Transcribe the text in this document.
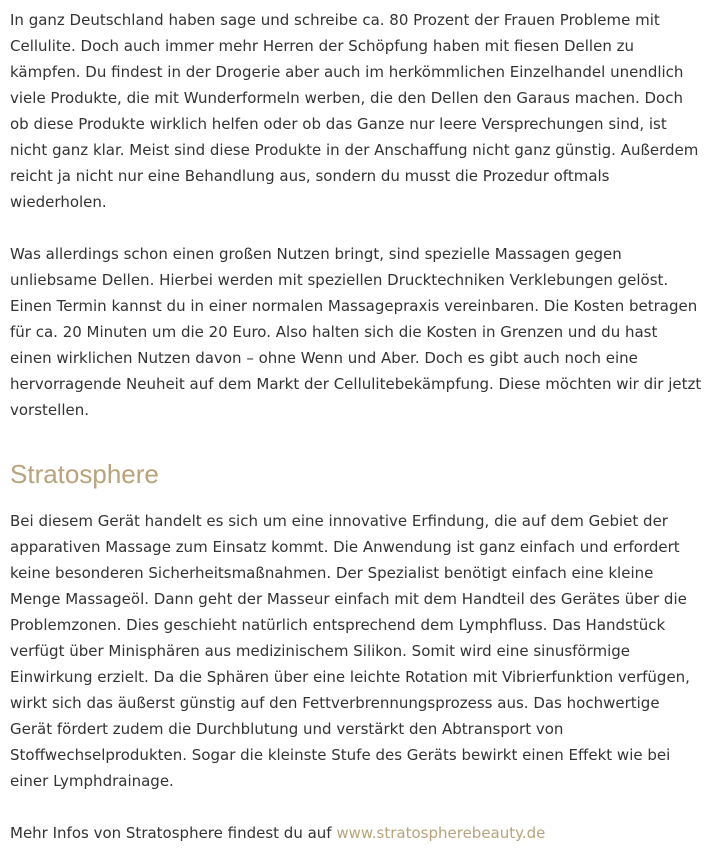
In ganz Deutschland haben sage und schreibe ca. 80 Prozent der Frauen Probleme mit Cellulite. Doch auch immer mehr Herren der Schöpfung haben mit fiesen Dellen zu kämpfen. Du findest in der Drogerie aber auch im herkömmlichen Einzelhandel unendlich viele Produkte, die mit Wunderformeln werben, die den Dellen den Garaus machen. Doch ob diese Produkte wirklich helfen oder ob das Ganze nur leere Versprechungen sind, ist nicht ganz klar. Meist sind diese Produkte in der Anschaffung nicht ganz günstig. Außerdem reicht ja nicht nur eine Behandlung aus, sondern du musst die Prozedur oftmals wiederholen.

Was allerdings schon einen großen Nutzen bringt, sind spezielle Massagen gegen unliebsame Dellen. Hierbei werden mit speziellen Drucktechniken Verklebungen gelöst. Einen Termin kannst du in einer normalen Massagepraxis vereinbaren. Die Kosten betragen für ca. 20 Minuten um die 20 Euro. Also halten sich die Kosten in Grenzen und du hast einen wirklichen Nutzen davon – ohne Wenn und Aber. Doch es gibt auch noch eine hervorragende Neuheit auf dem Markt der Cellulitebekämpfung. Diese möchten wir dir jetzt vorstellen.

Stratosphere

Bei diesem Gerät handelt es sich um eine innovative Erfindung, die auf dem Gebiet der apparativen Massage zum Einsatz kommt. Die Anwendung ist ganz einfach und erfordert keine besonderen Sicherheitsmaßnahmen. Der Spezialist benötigt einfach eine kleine Menge Massageöl. Dann geht der Masseur einfach mit dem Handteil des Gerätes über die Problemzonen. Dies geschieht natürlich entsprechend dem Lymphfluss. Das Handstück verfügt über Minisphären aus medizinischem Silikon. Somit wird eine sinusförmige Einwirkung erzielt. Da die Sphären über eine leichte Rotation mit Vibrierfunktion verfügen, wirkt sich das äußerst günstig auf den Fettverbrennungsprozess aus. Das hochwertige Gerät fördert zudem die Durchblutung und verstärkt den Abtransport von Stoffwechselprodukten. Sogar die kleinste Stufe des Geräts bewirkt einen Effekt wie bei einer Lymphdrainage.

Mehr Infos von Stratosphere findest du auf www.stratospherebeauty.de
